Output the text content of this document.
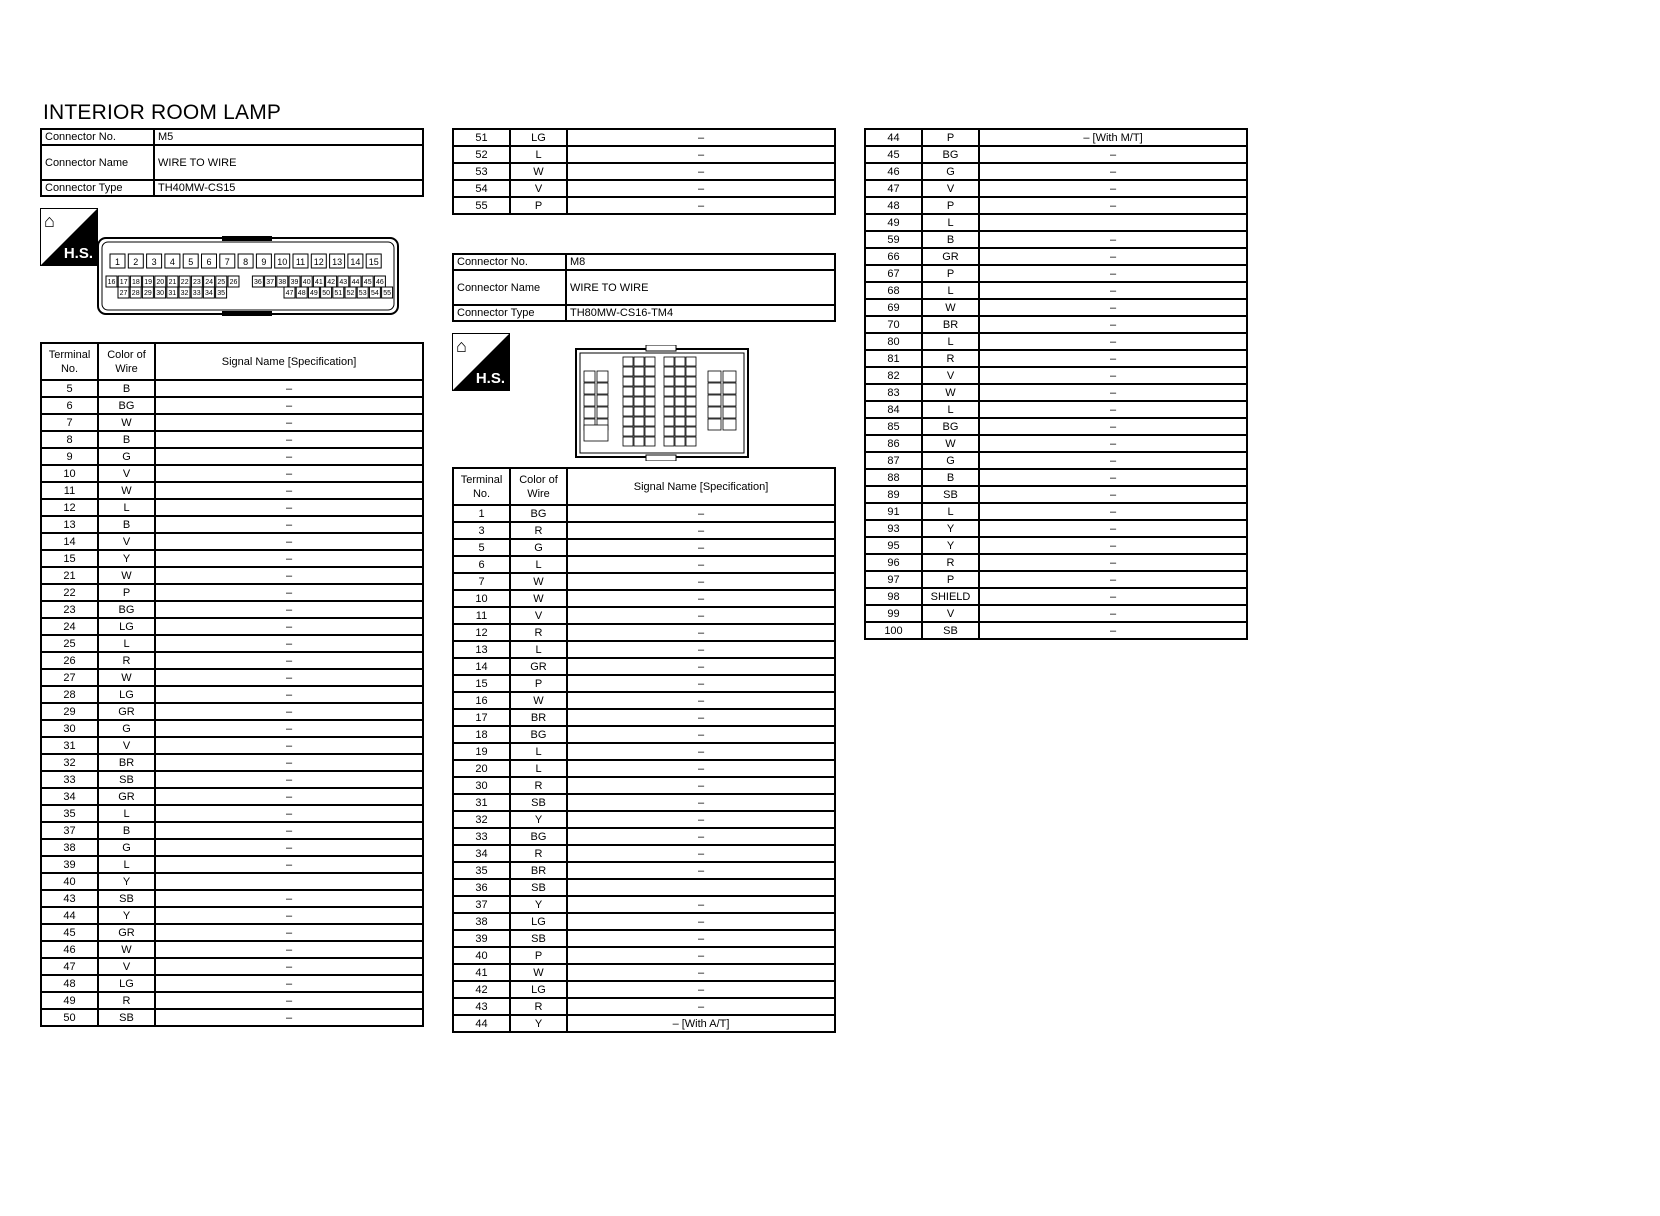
INTERIOR ROOM LAMP
Connector No.	M5
Connector Name	WIRE TO WIRE
Connector Type	TH40MW-CS15
⌂
H.S. 1 2 3 4 5 6 7 8 9 10 11 12 13 14 15
16 17 18 19 20 21 22 23 24 25 26 36 37 38 39 40 41 42 43 44 45 46
27 28 29 30 31 32 33 34 35	47 48 49 50 51 52 53 54 55
Terminal No.	Color of Wire	Signal Name [Specification]
5	B	–
6	BG	–
7	W	–
8	B	–
9	G	–
10	V	–
11	W	–
12	L	–
13	B	–
14	V	–
15	Y	–
21	W	–
22	P	–
23	BG	–
24	LG	–
25	L	–
26	R	–
27	W	–
28	LG	–
29	GR	–
30	G	–
31	V	–
32	BR	–
33	SB	–
34	GR	–
35	L	–
37	B	–
38	G	–
39	L	–
40	Y	
43	SB	–
44	Y	–
45	GR	–
46	W	–
47	V	–
48	LG	–
49	R	–
50	SB	–
51	LG	–
52	L	–
53	W	–
54	V	–
55	P	–
Connector No.	M8
Connector Name	WIRE TO WIRE
Connector Type	TH80MW-CS16-TM4
⌂
H.S.
Terminal No.	Color of Wire	Signal Name [Specification]
1	BG	–
3	R	–
5	G	–
6	L	–
7	W	–
10	W	–
11	V	–
12	R	–
13	L	–
14	GR	–
15	P	–
16	W	–
17	BR	–
18	BG	–
19	L	–
20	L	–
30	R	–
31	SB	–
32	Y	–
33	BG	–
34	R	–
35	BR	–
36	SB	
37	Y	–
38	LG	–
39	SB	–
40	P	–
41	W	–
42	LG	–
43	R	–
44	Y	– [With A/T]
44	P	– [With M/T]
45	BG	–
46	G	–
47	V	–
48	P	–
49	L	
59	B	–
66	GR	–
67	P	–
68	L	–
69	W	–
70	BR	–
80	L	–
81	R	–
82	V	–
83	W	–
84	L	–
85	BG	–
86	W	–
87	G	–
88	B	–
89	SB	–
91	L	–
93	Y	–
95	Y	–
96	R	–
97	P	–
98	SHIELD	–
99	V	–
100	SB	–
